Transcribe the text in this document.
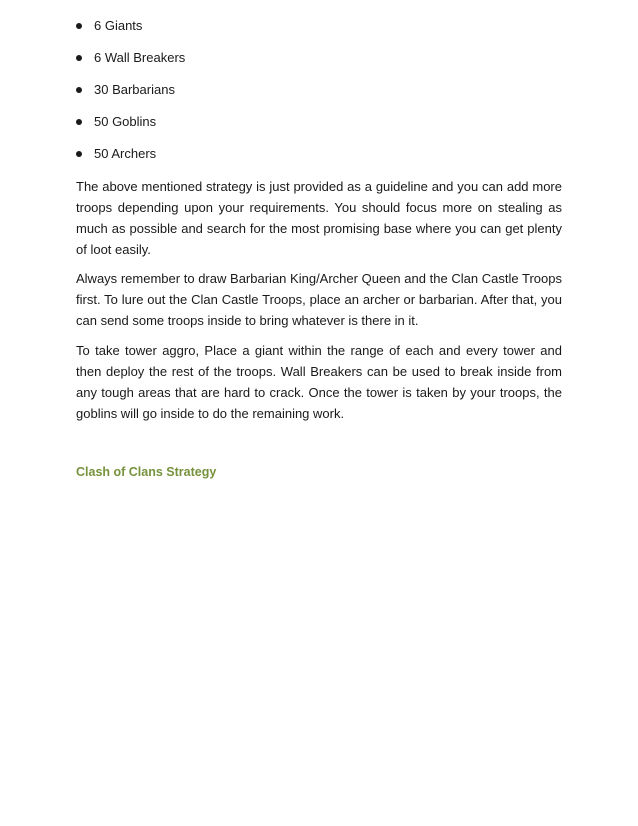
6 Giants
6 Wall Breakers
30 Barbarians
50 Goblins
50 Archers

The above mentioned strategy is just provided as a guideline and you can add more troops depending upon your requirements. You should focus more on stealing as much as possible and search for the most promising base where you can get plenty of loot easily.

Always remember to draw Barbarian King/Archer Queen and the Clan Castle Troops first. To lure out the Clan Castle Troops, place an archer or barbarian. After that, you can send some troops inside to bring whatever is there in it.

To take tower aggro, Place a giant within the range of each and every tower and then deploy the rest of the troops. Wall Breakers can be used to break inside from any tough areas that are hard to crack. Once the tower is taken by your troops, the goblins will go inside to do the remaining work.

Clash of Clans Strategy
